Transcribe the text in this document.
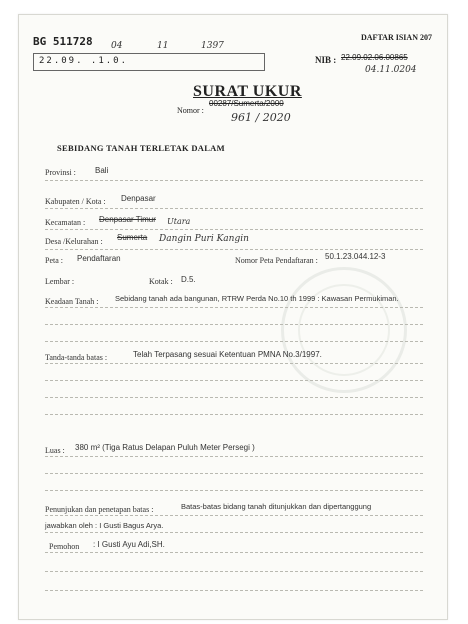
BG 511728 04	11	1397
DAFTAR ISIAN 207
22.09. .1.0.	NIB : 22.09.02.06.00865
04.11.0204
SURAT UKUR
Nomor :
00287/Sumerta/2000
961 / 2020
SEBIDANG TANAH TERLETAK DALAM
Provinsi : Bali
Kabupaten / Kota : Denpasar
Kecamatan : Denpasar Timur Utara
Desa /Kelurahan : Sumerta Dangin Puri Kangin
Peta : Pendaftaran	Nomor Peta Pendaftaran : 50.1.23.044.12-3
Lembar :	Kotak : D.5.
Keadaan Tanah : Sebidang tanah ada bangunan, RTRW Perda No.10 th 1999 : Kawasan Permukiman.
Tanda-tanda batas :	Telah Terpasang sesuai Ketentuan PMNA No.3/1997.
Luas : 380 m² (Tiga Ratus Delapan Puluh Meter Persegi )
Penunjukan dan penetapan batas :	Batas-batas bidang tanah ditunjukkan dan dipertanggung
jawabkan oleh : I Gusti Bagus Arya.
Pemohon : I Gusti Ayu Adi,SH.
